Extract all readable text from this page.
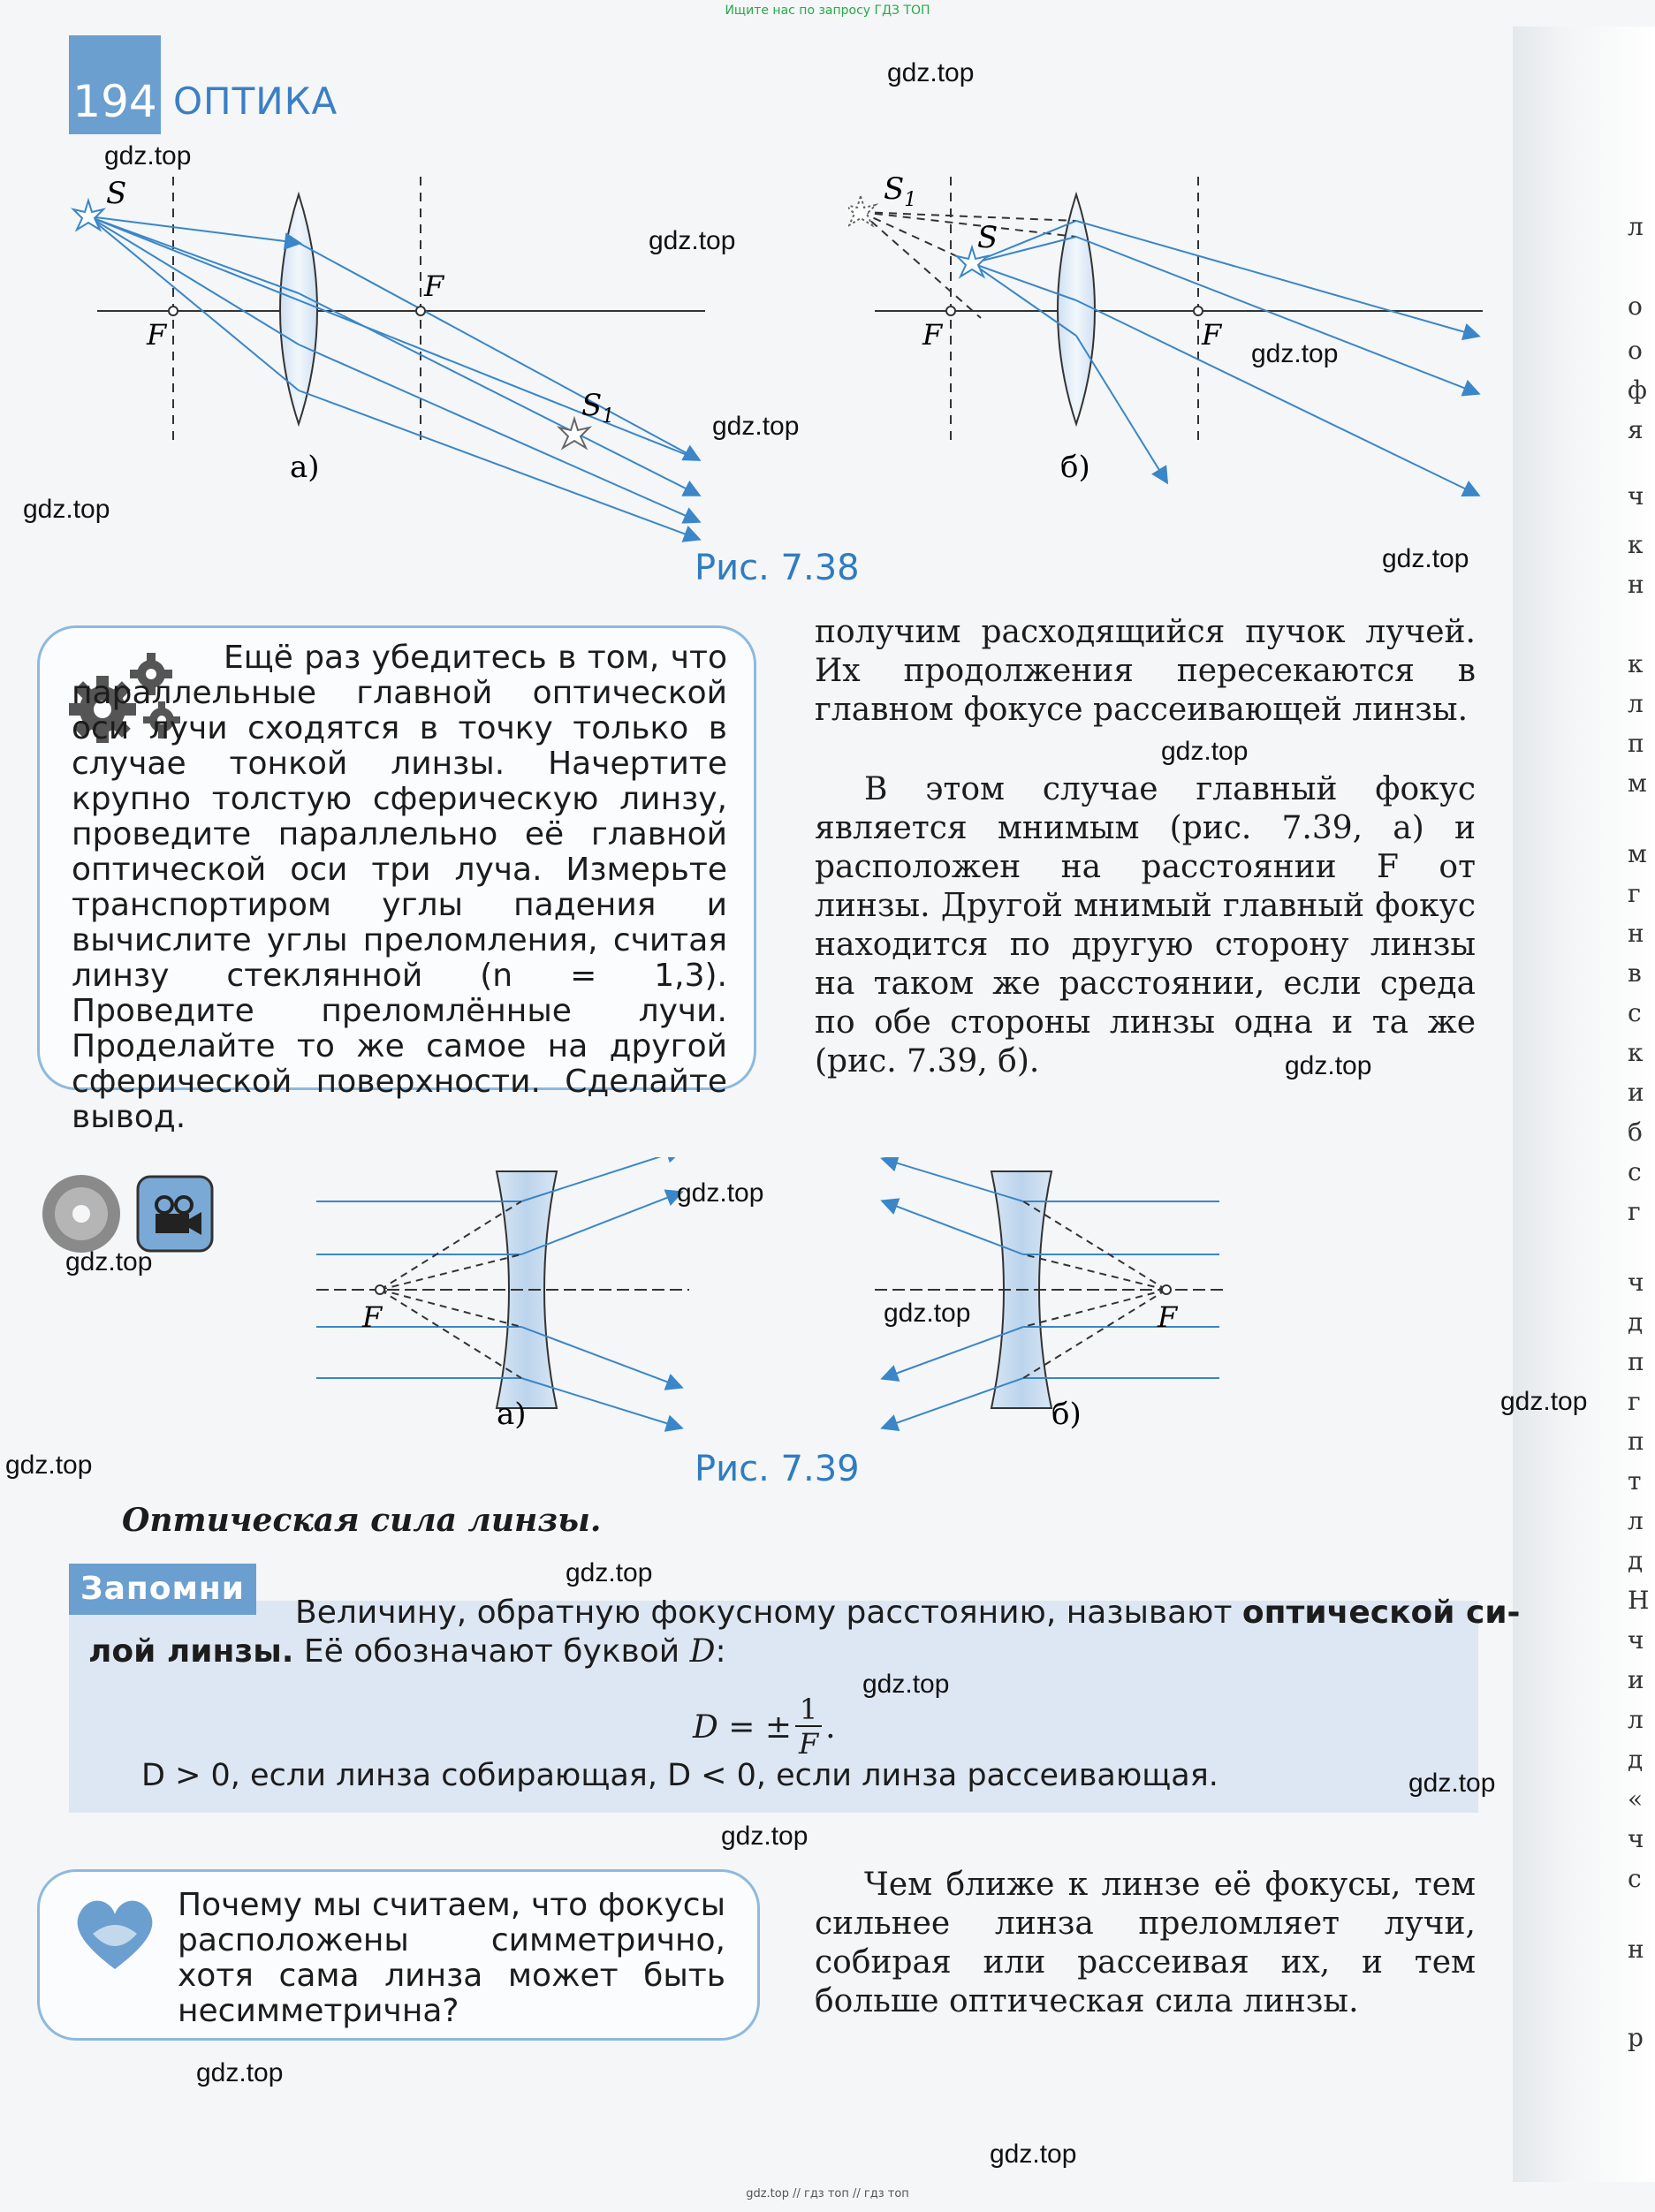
Ищите нас по запросу ГДЗ ТОП
gdz.top // гдз топ // гдз топ
л
о
о
ф
я
ч
к
н
к
л
п
м
м
г
н
в
с
к
и
б
с
г
ч
д
п
г
п
т
л
д
Н
ч
и
л
д
«
ч
с
н
р
194 ОПТИКА
S
F
F
$S_1$
а)
$S_1$
S
F	F
б)
Рис. 7.38
Ещё раз убедитесь в том, что параллельные главной оптической оси лучи сходятся в точку только в случае тонкой линзы. Начертите крупно толстую сферическую линзу, проведите параллельно её главной оптической оси три луча. Измерьте транспортиром углы падения и вычислите углы преломления, считая линзу стеклянной (n = 1,3). Проведите преломлённые лучи. Проделайте то же самое на другой сферической поверхности. Сделайте вывод.
получим расходящийся пучок лучей. Их продолжения пересекаются в главном фокусе рассеивающей линзы.
В этом случае главный фокус является мнимым (рис. 7.39, а) и расположен на расстоянии F от линзы. Другой мнимый главный фокус находится по другую сторону линзы на таком же расстоянии, если среда по обе стороны линзы одна и та же (рис. 7.39, б).
F
а)
F
б)
Рис. 7.39
Оптическая сила линзы.
Запомни
Величину, обратную фокусному расстоянию, называют оптической си-
лой линзы. Её обозначают буквой D:
D = ± 1
F .
D > 0, если линза собирающая, D < 0, если линза рассеивающая.
Почему мы считаем, что фокусы расположены симметрично, хотя сама линза может быть несимметрична?
Чем ближе к линзе её фокусы, тем сильнее линза преломляет лучи, собирая или рассеивая их, и тем больше оптическая сила линзы.
gdz.top
gdz.top
gdz.top
gdz.top
gdz.top
gdz.top
gdz.top
gdz.top
gdz.top
gdz.top
gdz.top
gdz.top
gdz.top
gdz.top
gdz.top
gdz.top
gdz.top
gdz.top
gdz.top
gdz.top
